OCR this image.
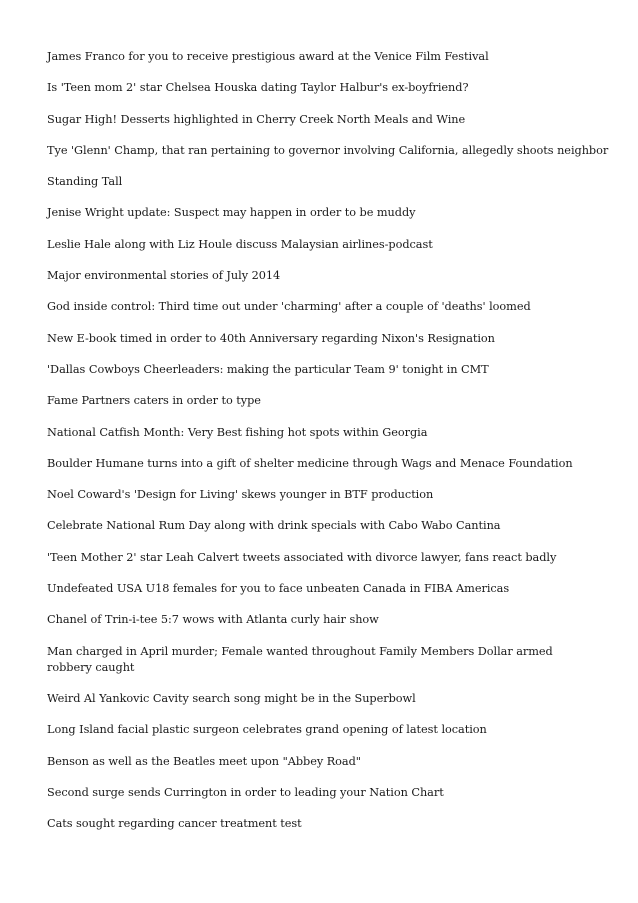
James Franco for you to receive prestigious award at the Venice Film Festival
Is 'Teen mom 2' star Chelsea Houska dating Taylor Halbur's ex-boyfriend?
Sugar High! Desserts highlighted in Cherry Creek North Meals and Wine
Tye 'Glenn' Champ, that ran pertaining to governor involving California, allegedly shoots neighbor
Standing Tall
Jenise Wright update: Suspect may happen in order to be muddy
Leslie Hale along with Liz Houle discuss Malaysian airlines-podcast
Major environmental stories of July 2014
God inside control: Third time out under 'charming' after a couple of 'deaths' loomed
New E-book timed in order to 40th Anniversary regarding Nixon's Resignation
'Dallas Cowboys Cheerleaders: making the particular Team 9' tonight in CMT
Fame Partners caters in order to type
National Catfish Month: Very Best fishing hot spots within Georgia
Boulder Humane turns into a gift of shelter medicine through Wags and Menace Foundation
Noel Coward's 'Design for Living' skews younger in BTF production
Celebrate National Rum Day along with drink specials with Cabo Wabo Cantina
'Teen Mother 2' star Leah Calvert tweets associated with divorce lawyer, fans react badly
Undefeated USA U18 females for you to face unbeaten Canada in FIBA Americas
Chanel of Trin-i-tee 5:7 wows with Atlanta curly hair show
Man charged in April murder; Female wanted throughout Family Members Dollar armed robbery caught
Weird Al Yankovic Cavity search song might be in the Superbowl
Long Island facial plastic surgeon celebrates grand opening of latest location
Benson as well as the Beatles meet upon "Abbey Road"
Second surge sends Currington in order to leading your Nation Chart
Cats sought regarding cancer treatment test
